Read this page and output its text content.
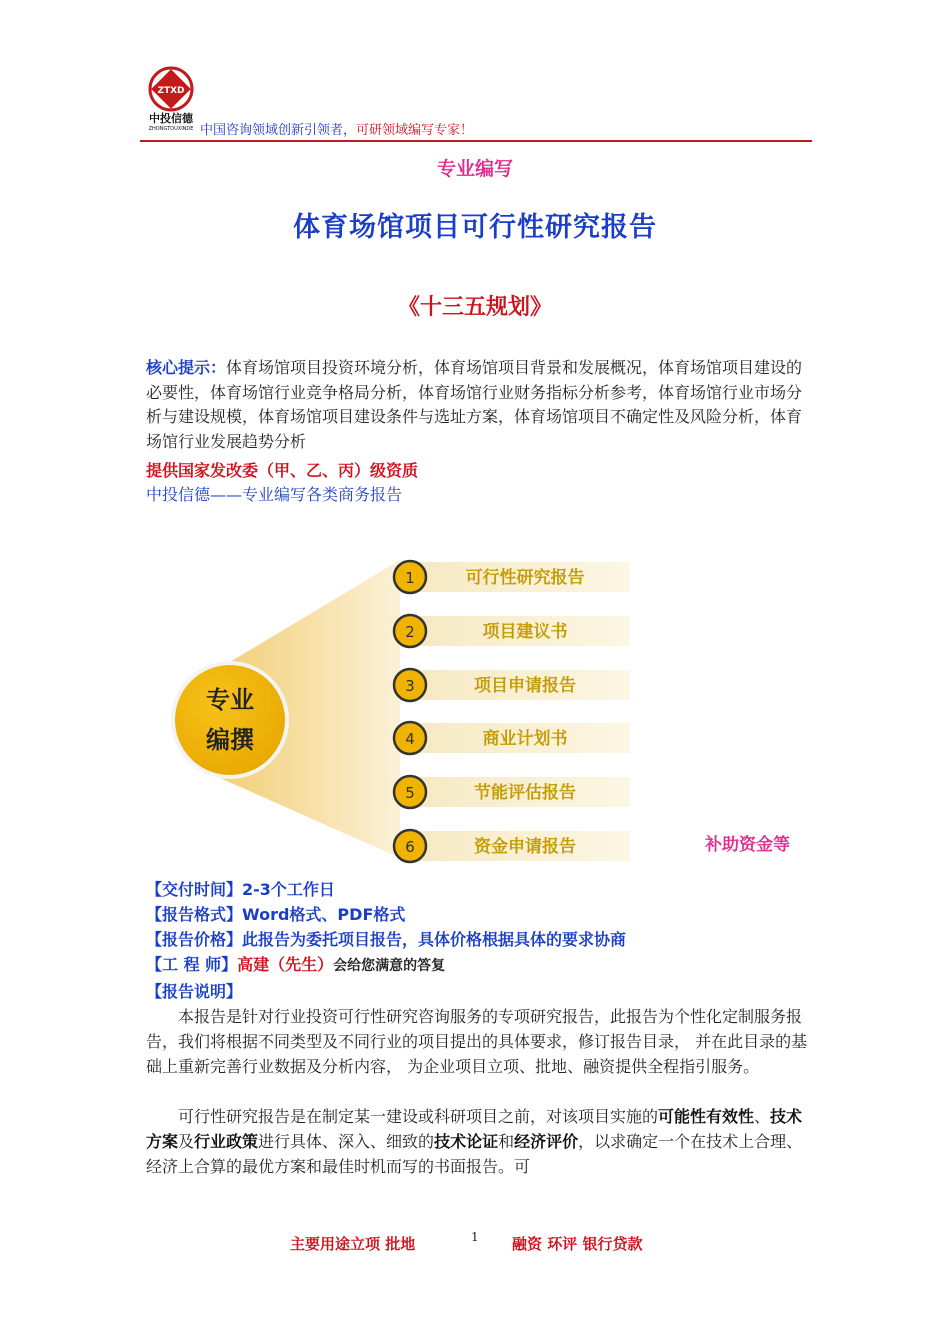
ZTXD
中投信德
ZHONGTOUXINDE 中国咨询领域创新引领者，可研领域编写专家！
专业编写
体育场馆项目可行性研究报告
《十三五规划》
核心提示：体育场馆项目投资环境分析，体育场馆项目背景和发展概况，体育场馆项目建设的必要性，体育场馆行业竞争格局分析，体育场馆行业财务指标分析参考，体育场馆行业市场分析与建设规模，体育场馆项目建设条件与选址方案，体育场馆项目不确定性及风险分析，体育场馆行业发展趋势分析
提供国家发改委（甲、乙、丙）级资质
中投信德——专业编写各类商务报告
专业
编撰
1	可行性研究报告
2	项目建议书
3	项目申请报告
4	商业计划书
5	节能评估报告
6	资金申请报告	补助资金等
【交付时间】2-3个工作日
【报告格式】Word格式、PDF格式
【报告价格】此报告为委托项目报告，具体价格根据具体的要求协商
【工 程 师】高建（先生）会给您满意的答复
【报告说明】

本报告是针对行业投资可行性研究咨询服务的专项研究报告，此报告为个性化定制服务报告，我们将根据不同类型及不同行业的项目提出的具体要求，修订报告目录， 并在此目录的基础上重新完善行业数据及分析内容， 为企业项目立项、批地、融资提供全程指引服务。

可行性研究报告是在制定某一建设或科研项目之前，对该项目实施的可能性有效性、技术方案及行业政策进行具体、深入、细致的技术论证和经济评价，以求确定一个在技术上合理、经济上合算的最优方案和最佳时机而写的书面报告。可

主要用途立项 批地	1 融资 环评 银行贷款
